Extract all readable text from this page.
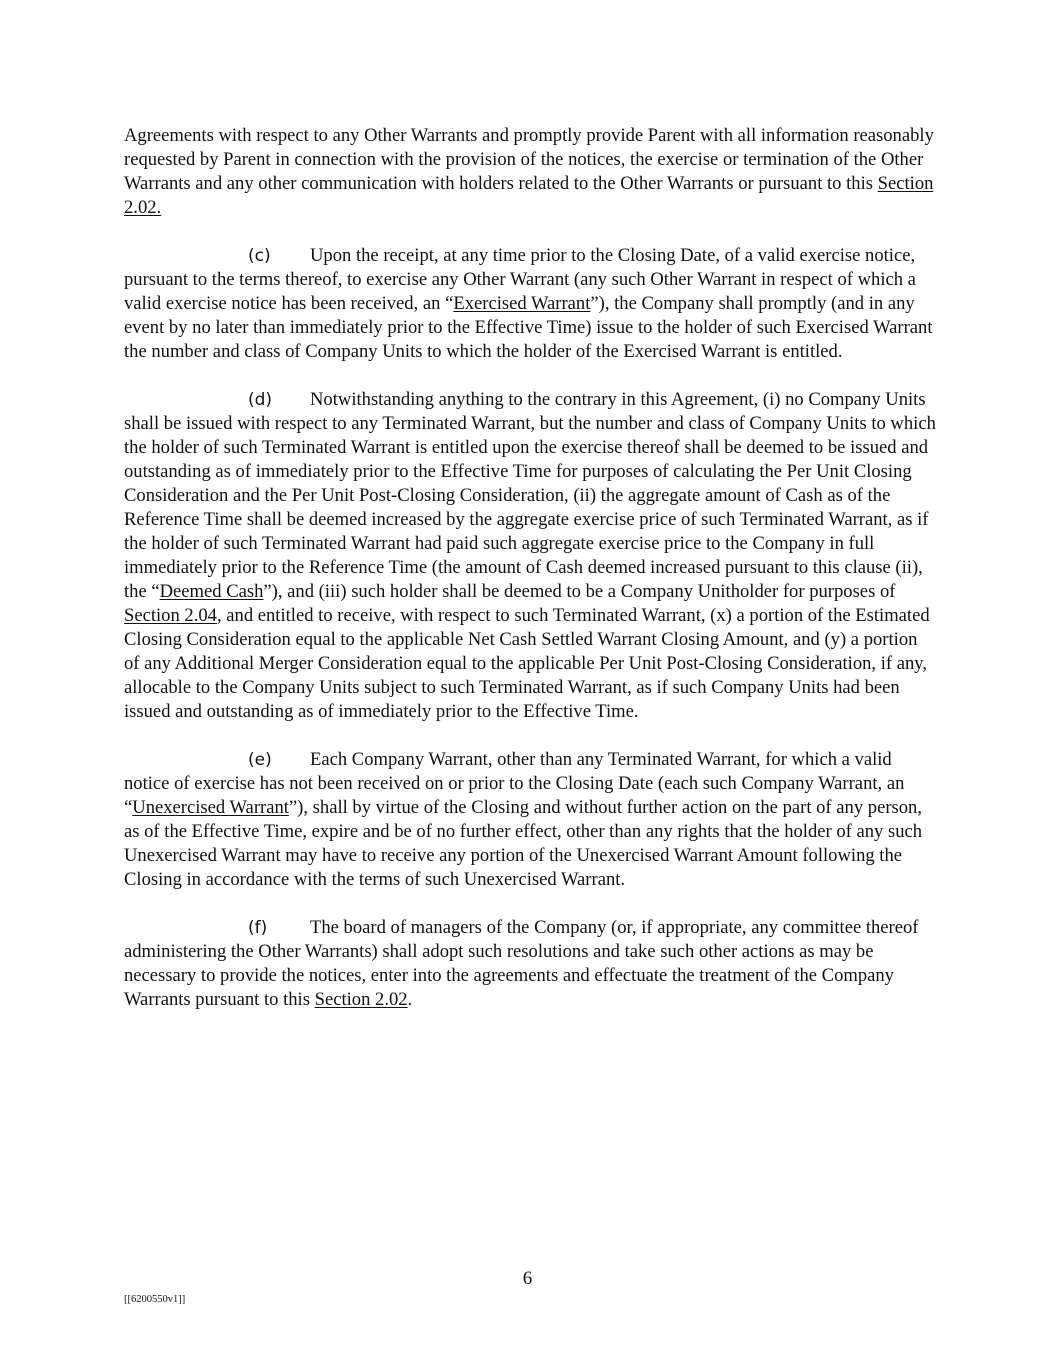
Agreements with respect to any Other Warrants and promptly provide Parent with all information reasonably requested by Parent in connection with the provision of the notices, the exercise or termination of the Other Warrants and any other communication with holders related to the Other Warrants or pursuant to this Section 2.02.

(c) Upon the receipt, at any time prior to the Closing Date, of a valid exercise notice, pursuant to the terms thereof, to exercise any Other Warrant (any such Other Warrant in respect of which a valid exercise notice has been received, an “Exercised Warrant”), the Company shall promptly (and in any event by no later than immediately prior to the Effective Time) issue to the holder of such Exercised Warrant the number and class of Company Units to which the holder of the Exercised Warrant is entitled.

(d) Notwithstanding anything to the contrary in this Agreement, (i) no Company Units shall be issued with respect to any Terminated Warrant, but the number and class of Company Units to which the holder of such Terminated Warrant is entitled upon the exercise thereof shall be deemed to be issued and outstanding as of immediately prior to the Effective Time for purposes of calculating the Per Unit Closing Consideration and the Per Unit Post-Closing Consideration, (ii) the aggregate amount of Cash as of the Reference Time shall be deemed increased by the aggregate exercise price of such Terminated Warrant, as if the holder of such Terminated Warrant had paid such aggregate exercise price to the Company in full immediately prior to the Reference Time (the amount of Cash deemed increased pursuant to this clause (ii), the “Deemed Cash”), and (iii) such holder shall be deemed to be a Company Unitholder for purposes of Section 2.04, and entitled to receive, with respect to such Terminated Warrant, (x) a portion of the Estimated Closing Consideration equal to the applicable Net Cash Settled Warrant Closing Amount, and (y) a portion of any Additional Merger Consideration equal to the applicable Per Unit Post-Closing Consideration, if any, allocable to the Company Units subject to such Terminated Warrant, as if such Company Units had been issued and outstanding as of immediately prior to the Effective Time.

(e) Each Company Warrant, other than any Terminated Warrant, for which a valid notice of exercise has not been received on or prior to the Closing Date (each such Company Warrant, an “Unexercised Warrant”), shall by virtue of the Closing and without further action on the part of any person, as of the Effective Time, expire and be of no further effect, other than any rights that the holder of any such Unexercised Warrant may have to receive any portion of the Unexercised Warrant Amount following the Closing in accordance with the terms of such Unexercised Warrant.

(f) The board of managers of the Company (or, if appropriate, any committee thereof administering the Other Warrants) shall adopt such resolutions and take such other actions as may be necessary to provide the notices, enter into the agreements and effectuate the treatment of the Company Warrants pursuant to this Section 2.02.

6
[[6200550v1]]
